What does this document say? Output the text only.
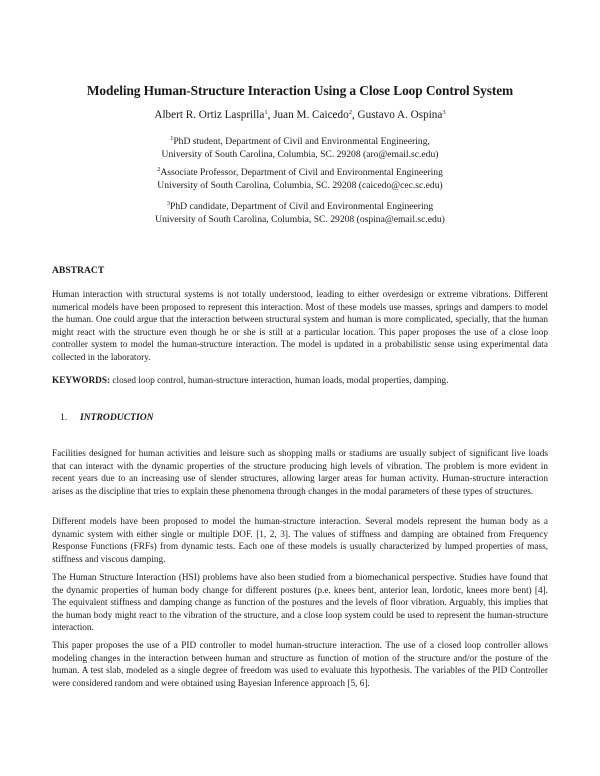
Modeling Human-Structure Interaction Using a Close Loop Control System
Albert R. Ortiz Lasprilla$^1$, Juan M. Caicedo$^2$, Gustavo A. Ospina$^3$
$^1$PhD student, Department of Civil and Environmental Engineering,
University of South Carolina, Columbia, SC. 29208 (aro@email.sc.edu)
$^2$Associate Professor, Department of Civil and Environmental Engineering
University of South Carolina, Columbia, SC. 29208 (caicedo@cec.sc.edu)
$^3$PhD candidate, Department of Civil and Environmental Engineering
University of South Carolina, Columbia, SC. 29208 (ospina@email.sc.edu)
ABSTRACT

Human interaction with structural systems is not totally understood, leading to either overdesign or extreme vibrations. Different numerical models have been proposed to represent this interaction. Most of these models use masses, springs and dampers to model the human. One could argue that the interaction between structural system and human is more complicated, specially, that the human might react with the structure even though he or she is still at a particular location. This paper proposes the use of a close loop controller system to model the human-structure interaction. The model is updated in a probabilistic sense using experimental data collected in the laboratory.

KEYWORDS: closed loop control, human-structure interaction, human loads, modal properties, damping.

1. INTRODUCTION

Facilities designed for human activities and leisure such as shopping malls or stadiums are usually subject of significant live loads that can interact with the dynamic properties of the structure producing high levels of vibration. The problem is more evident in recent years due to an increasing use of slender structures, allowing larger areas for human activity. Human-structure interaction arises as the discipline that tries to explain these phenomena through changes in the modal parameters of these types of structures.

Different models have been proposed to model the human-structure interaction. Several models represent the human body as a dynamic system with either single or multiple DOF. [1, 2, 3]. The values of stiffness and damping are obtained from Frequency Response Functions (FRFs) from dynamic tests. Each one of these models is usually characterized by lumped properties of mass, stiffness and viscous damping.

The Human Structure Interaction (HSI) problems have also been studied from a biomechanical perspective. Studies have found that the dynamic properties of human body change for different postures (p.e. knees bent, anterior lean, lordotic, knees more bent) [4]. The equivalent stiffness and damping change as function of the postures and the levels of floor vibration. Arguably, this implies that the human body might react to the vibration of the structure, and a close loop system could be used to represent the human-structure interaction.

This paper proposes the use of a PID controller to model human-structure interaction. The use of a closed loop controller allows modeling changes in the interaction between human and structure as function of motion of the structure and/or the posture of the human. A test slab, modeled as a single degree of freedom was used to evaluate this hypothesis. The variables of the PID Controller were considered random and were obtained using Bayesian Inference approach [5, 6].
